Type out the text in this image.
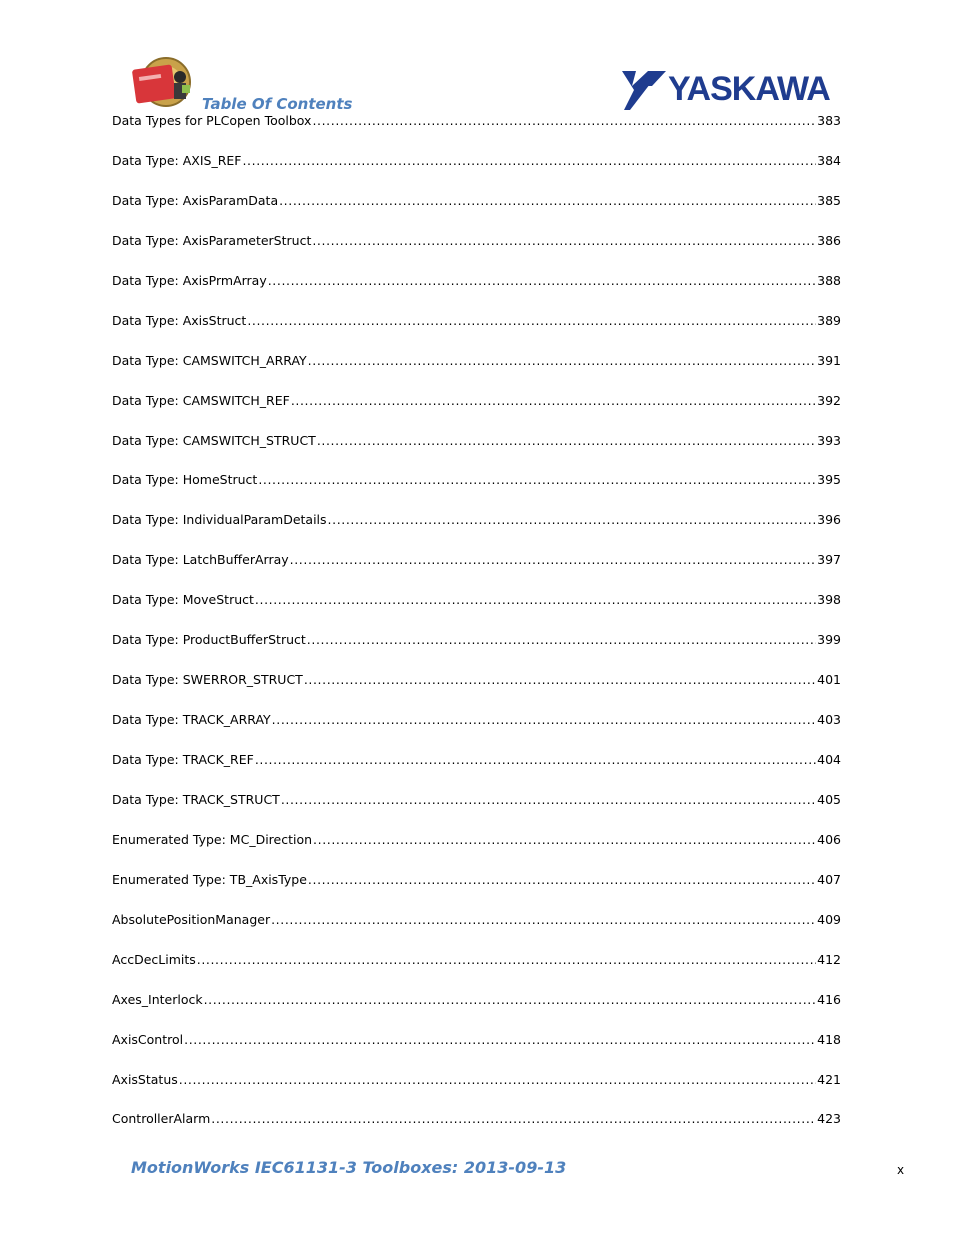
Table Of Contents	YASKAWA
Data Types for PLCopen Toolbox .....	383
Data Type: AXIS_REF .....	384
Data Type: AxisParamData .....	385
Data Type: AxisParameterStruct .....	386
Data Type: AxisPrmArray .....	388
Data Type: AxisStruct .....	389
Data Type: CAMSWITCH_ARRAY .....	391
Data Type: CAMSWITCH_REF .....	392
Data Type: CAMSWITCH_STRUCT .....	393
Data Type: HomeStruct .....	395
Data Type: IndividualParamDetails .....	396
Data Type: LatchBufferArray .....	397
Data Type: MoveStruct .....	398
Data Type: ProductBufferStruct .....	399
Data Type: SWERROR_STRUCT .....	401
Data Type: TRACK_ARRAY .....	403
Data Type: TRACK_REF .....	404
Data Type: TRACK_STRUCT .....	405
Enumerated Type: MC_Direction .....	406
Enumerated Type: TB_AxisType .....	407
AbsolutePositionManager .....	409
AccDecLimits .....	412
Axes_Interlock .....	416
AxisControl .....	418
AxisStatus .....	421
ControllerAlarm .....	423
MotionWorks IEC61131-3 Toolboxes: 2013-09-13	x
